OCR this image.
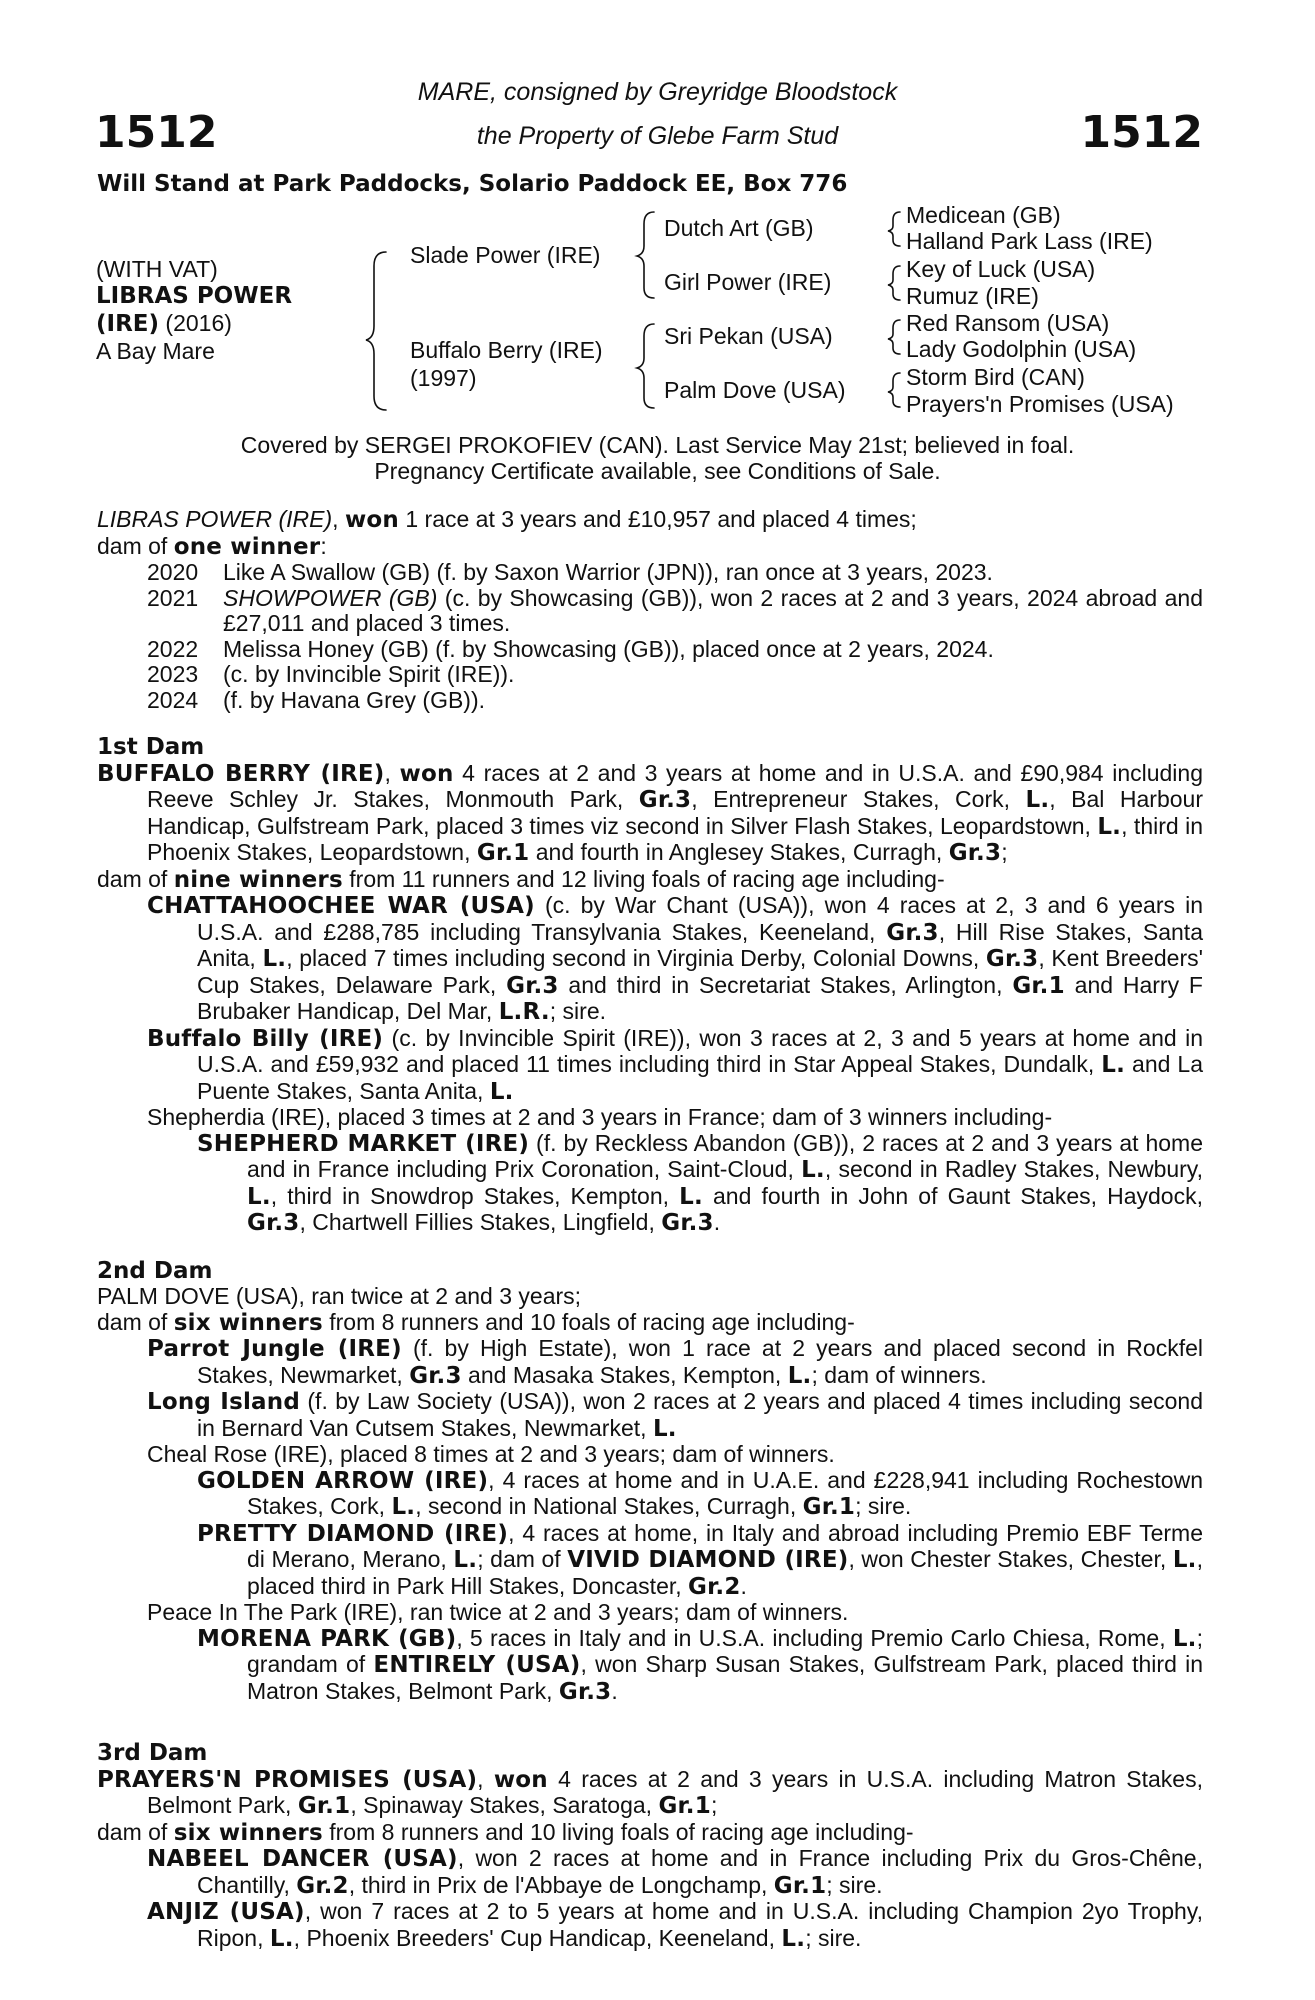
1512	1512
MARE, consigned by Greyridge Bloodstock
the Property of Glebe Farm Stud
Will Stand at Park Paddocks, Solario Paddock EE, Box 776
(WITH VAT)
LIBRAS POWER
(IRE) (2016)
A Bay Mare
Slade Power (IRE)
Buffalo Berry (IRE)
(1997)
Dutch Art (GB)
Girl Power (IRE)
Sri Pekan (USA)
Palm Dove (USA)
Medicean (GB)
Halland Park Lass (IRE)
Key of Luck (USA)
Rumuz (IRE)
Red Ransom (USA)
Lady Godolphin (USA)
Storm Bird (CAN)
Prayers'n Promises (USA)
Covered by SERGEI PROKOFIEV (CAN). Last Service May 21st; believed in foal.
Pregnancy Certificate available, see Conditions of Sale.
LIBRAS POWER (IRE), won 1 race at 3 years and £10,957 and placed 4 times;
dam of one winner:
2020 Like A Swallow (GB) (f. by Saxon Warrior (JPN)), ran once at 3 years, 2023.
2021 SHOWPOWER (GB) (c. by Showcasing (GB)), won 2 races at 2 and 3 years, 2024 abroad and £27,011 and placed 3 times.
2022 Melissa Honey (GB) (f. by Showcasing (GB)), placed once at 2 years, 2024.
2023 (c. by Invincible Spirit (IRE)).
2024 (f. by Havana Grey (GB)).
1st Dam
BUFFALO BERRY (IRE), won 4 races at 2 and 3 years at home and in U.S.A. and £90,984 including Reeve Schley Jr. Stakes, Monmouth Park, Gr.3, Entrepreneur Stakes, Cork, L., Bal Harbour Handicap, Gulfstream Park, placed 3 times viz second in Silver Flash Stakes, Leopardstown, L., third in Phoenix Stakes, Leopardstown, Gr.1 and fourth in Anglesey Stakes, Curragh, Gr.3;
dam of nine winners from 11 runners and 12 living foals of racing age including-
CHATTAHOOCHEE WAR (USA) (c. by War Chant (USA)), won 4 races at 2, 3 and 6 years in U.S.A. and £288,785 including Transylvania Stakes, Keeneland, Gr.3, Hill Rise Stakes, Santa Anita, L., placed 7 times including second in Virginia Derby, Colonial Downs, Gr.3, Kent Breeders' Cup Stakes, Delaware Park, Gr.3 and third in Secretariat Stakes, Arlington, Gr.1 and Harry F Brubaker Handicap, Del Mar, L.R.; sire.
Buffalo Billy (IRE) (c. by Invincible Spirit (IRE)), won 3 races at 2, 3 and 5 years at home and in U.S.A. and £59,932 and placed 11 times including third in Star Appeal Stakes, Dundalk, L. and La Puente Stakes, Santa Anita, L.
Shepherdia (IRE), placed 3 times at 2 and 3 years in France; dam of 3 winners including-
SHEPHERD MARKET (IRE) (f. by Reckless Abandon (GB)), 2 races at 2 and 3 years at home and in France including Prix Coronation, Saint-Cloud, L., second in Radley Stakes, Newbury, L., third in Snowdrop Stakes, Kempton, L. and fourth in John of Gaunt Stakes, Haydock, Gr.3, Chartwell Fillies Stakes, Lingfield, Gr.3.
2nd Dam
PALM DOVE (USA), ran twice at 2 and 3 years;
dam of six winners from 8 runners and 10 foals of racing age including-
Parrot Jungle (IRE) (f. by High Estate), won 1 race at 2 years and placed second in Rockfel Stakes, Newmarket, Gr.3 and Masaka Stakes, Kempton, L.; dam of winners.
Long Island (f. by Law Society (USA)), won 2 races at 2 years and placed 4 times including second in Bernard Van Cutsem Stakes, Newmarket, L.
Cheal Rose (IRE), placed 8 times at 2 and 3 years; dam of winners.
GOLDEN ARROW (IRE), 4 races at home and in U.A.E. and £228,941 including Rochestown Stakes, Cork, L., second in National Stakes, Curragh, Gr.1; sire.
PRETTY DIAMOND (IRE), 4 races at home, in Italy and abroad including Premio EBF Terme di Merano, Merano, L.; dam of VIVID DIAMOND (IRE), won Chester Stakes, Chester, L., placed third in Park Hill Stakes, Doncaster, Gr.2.
Peace In The Park (IRE), ran twice at 2 and 3 years; dam of winners.
MORENA PARK (GB), 5 races in Italy and in U.S.A. including Premio Carlo Chiesa, Rome, L.; grandam of ENTIRELY (USA), won Sharp Susan Stakes, Gulfstream Park, placed third in Matron Stakes, Belmont Park, Gr.3.
3rd Dam
PRAYERS'N PROMISES (USA), won 4 races at 2 and 3 years in U.S.A. including Matron Stakes, Belmont Park, Gr.1, Spinaway Stakes, Saratoga, Gr.1;
dam of six winners from 8 runners and 10 living foals of racing age including-
NABEEL DANCER (USA), won 2 races at home and in France including Prix du Gros-Chêne, Chantilly, Gr.2, third in Prix de l'Abbaye de Longchamp, Gr.1; sire.
ANJIZ (USA), won 7 races at 2 to 5 years at home and in U.S.A. including Champion 2yo Trophy, Ripon, L., Phoenix Breeders' Cup Handicap, Keeneland, L.; sire.
